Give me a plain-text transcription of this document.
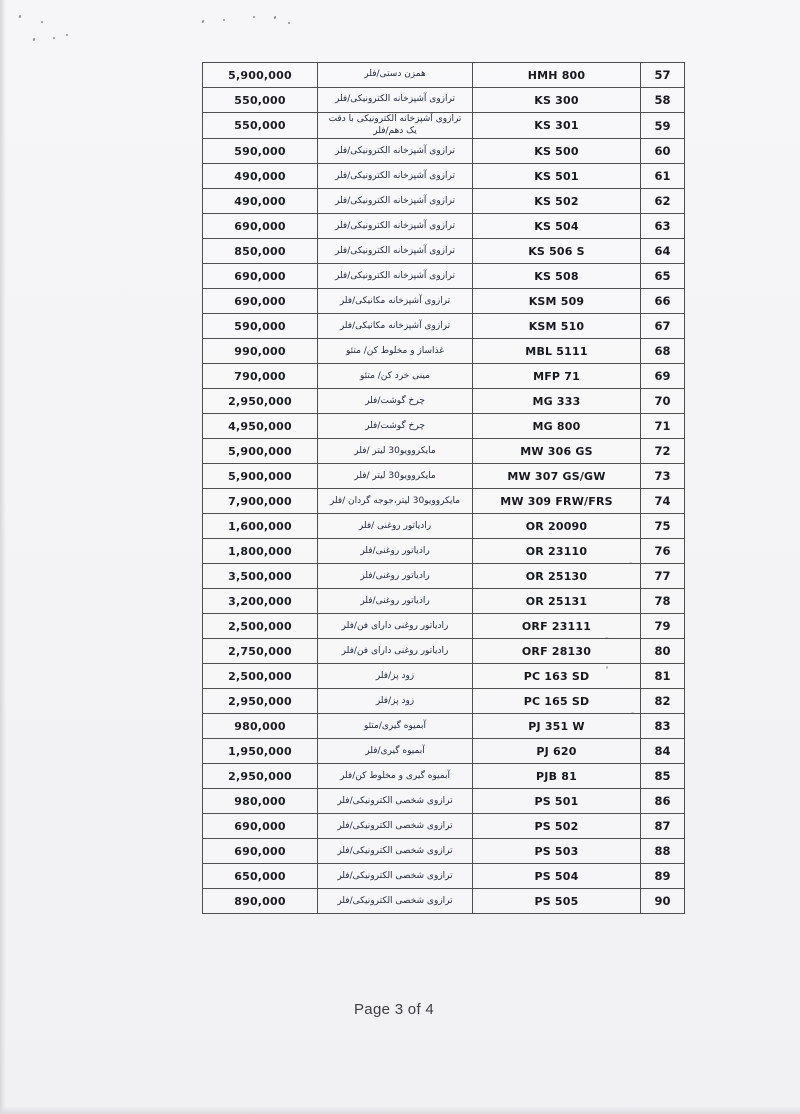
5,900,000	همزن دستی/فلر	HMH 800	57
550,000	ترازوی آشپزخانه الکترونیکی/فلر	KS 300	58
550,000	ترازوی آشپزخانه الکترونیکی با دقت یک دهم/فلر	KS 301	59
590,000	ترازوی آشپزخانه الکترونیکی/فلر	KS 500	60
490,000	ترازوی آشپزخانه الکترونیکی/فلر	KS 501	61
490,000	ترازوی آشپزخانه الکترونیکی/فلر	KS 502	62
690,000	ترازوی آشپزخانه الکترونیکی/فلر	KS 504	63
850,000	ترازوی آشپزخانه الکترونیکی/فلر	KS 506 S	64
690,000	ترازوی آشپزخانه الکترونیکی/فلر	KS 508	65
690,000	ترازوی آشپزخانه مکانیکی/فلر	KSM 509	66
590,000	ترازوی آشپزخانه مکانیکی/فلر	KSM 510	67
990,000	غذاساز و مخلوط کن/ متئو	MBL 5111	68
790,000	مینی خرد کن/ متئو	MFP 71	69
2,950,000	چرخ گوشت/فلر	MG 333	70
4,950,000	چرخ گوشت/فلر	MG 800	71
5,900,000	مایکروویو30 لیتر /فلر	MW 306 GS	72
5,900,000	مایکروویو30 لیتر /فلر	MW 307 GS/GW	73
7,900,000	مایکروویو30 لیتر،جوجه گردان /فلر	MW 309 FRW/FRS	74
1,600,000	رادیاتور روغنی /فلر	OR 20090	75
1,800,000	رادیاتور روغنی/فلر	OR 23110	76
3,500,000	رادیاتور روغنی/فلر	OR 25130	77
3,200,000	رادیاتور روغنی/فلر	OR 25131	78
2,500,000	رادیاتور روغنی دارای فن/فلر	ORF 23111	79
2,750,000	رادیاتور روغنی دارای فن/فلر	ORF 28130	80
2,500,000	زود پز/فلر	PC 163 SD	81
2,950,000	زود پز/فلر	PC 165 SD	82
980,000	آبمیوه گیری/متئو	PJ 351 W	83
1,950,000	آبمیوه گیری/فلر	PJ 620	84
2,950,000	آبمیوه گیری و مخلوط کن/فلر	PJB 81	85
980,000	ترازوی شخصی الکترونیکی/فلر	PS 501	86
690,000	ترازوی شخصی الکترونیکی/فلر	PS 502	87
690,000	ترازوی شخصی الکترونیکی/فلر	PS 503	88
650,000	ترازوی شخصی الکترونیکی/فلر	PS 504	89
890,000	ترازوی شخصی الکترونیکی/فلر	PS 505	90
Page 3 of 4
